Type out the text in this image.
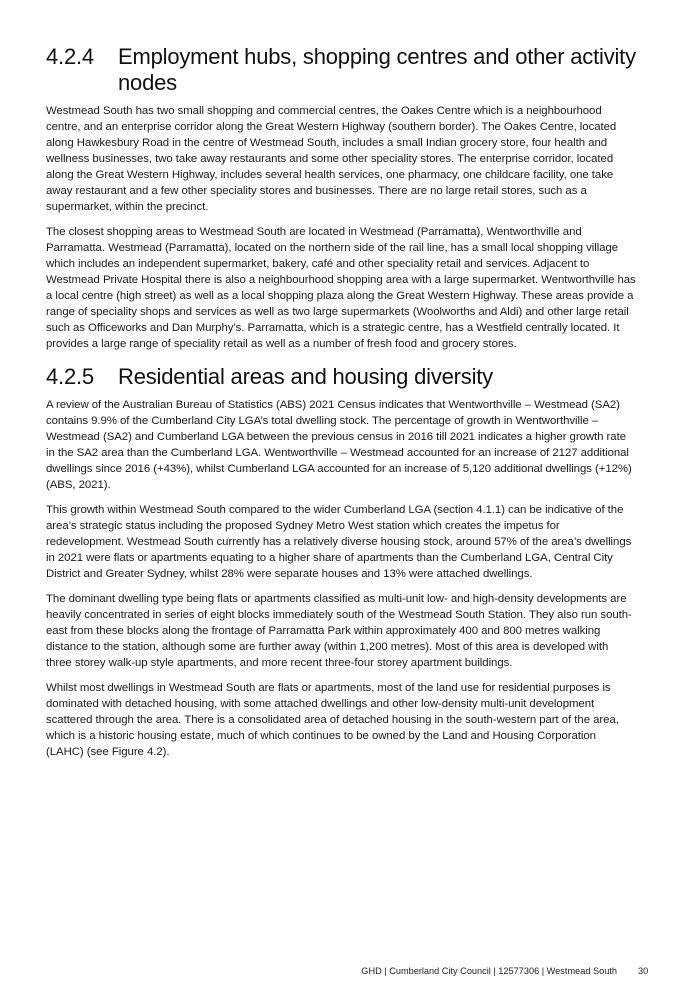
4.2.4	Employment hubs, shopping centres and other activity nodes

Westmead South has two small shopping and commercial centres, the Oakes Centre which is a neighbourhood centre, and an enterprise corridor along the Great Western Highway (southern border). The Oakes Centre, located along Hawkesbury Road in the centre of Westmead South, includes a small Indian grocery store, four health and wellness businesses, two take away restaurants and some other speciality stores. The enterprise corridor, located along the Great Western Highway, includes several health services, one pharmacy, one childcare facility, one take away restaurant and a few other speciality stores and businesses. There are no large retail stores, such as a supermarket, within the precinct.

The closest shopping areas to Westmead South are located in Westmead (Parramatta), Wentworthville and Parramatta. Westmead (Parramatta), located on the northern side of the rail line, has a small local shopping village which includes an independent supermarket, bakery, café and other speciality retail and services. Adjacent to Westmead Private Hospital there is also a neighbourhood shopping area with a large supermarket. Wentworthville has a local centre (high street) as well as a local shopping plaza along the Great Western Highway. These areas provide a range of speciality shops and services as well as two large supermarkets (Woolworths and Aldi) and other large retail such as Officeworks and Dan Murphy’s. Parramatta, which is a strategic centre, has a Westfield centrally located. It provides a large range of speciality retail as well as a number of fresh food and grocery stores.

4.2.5	Residential areas and housing diversity

A review of the Australian Bureau of Statistics (ABS) 2021 Census indicates that Wentworthville – Westmead (SA2) contains 9.9% of the Cumberland City LGA’s total dwelling stock. The percentage of growth in Wentworthville – Westmead (SA2) and Cumberland LGA between the previous census in 2016 till 2021 indicates a higher growth rate in the SA2 area than the Cumberland LGA. Wentworthville – Westmead accounted for an increase of 2127 additional dwellings since 2016 (+43%), whilst Cumberland LGA accounted for an increase of 5,120 additional dwellings (+12%) (ABS, 2021).

This growth within Westmead South compared to the wider Cumberland LGA (section 4.1.1) can be indicative of the area’s strategic status including the proposed Sydney Metro West station which creates the impetus for redevelopment. Westmead South currently has a relatively diverse housing stock, around 57% of the area’s dwellings in 2021 were flats or apartments equating to a higher share of apartments than the Cumberland LGA, Central City District and Greater Sydney, whilst 28% were separate houses and 13% were attached dwellings.

The dominant dwelling type being flats or apartments classified as multi-unit low- and high-density developments are heavily concentrated in series of eight blocks immediately south of the Westmead South Station. They also run south-east from these blocks along the frontage of Parramatta Park within approximately 400 and 800 metres walking distance to the station, although some are further away (within 1,200 metres). Most of this area is developed with three storey walk-up style apartments, and more recent three-four storey apartment buildings.

Whilst most dwellings in Westmead South are flats or apartments, most of the land use for residential purposes is dominated with detached housing, with some attached dwellings and other low-density multi-unit development scattered through the area. There is a consolidated area of detached housing in the south-western part of the area, which is a historic housing estate, much of which continues to be owned by the Land and Housing Corporation (LAHC) (see Figure 4.2).

GHD | Cumberland City Council | 12577306 | Westmead South 30
